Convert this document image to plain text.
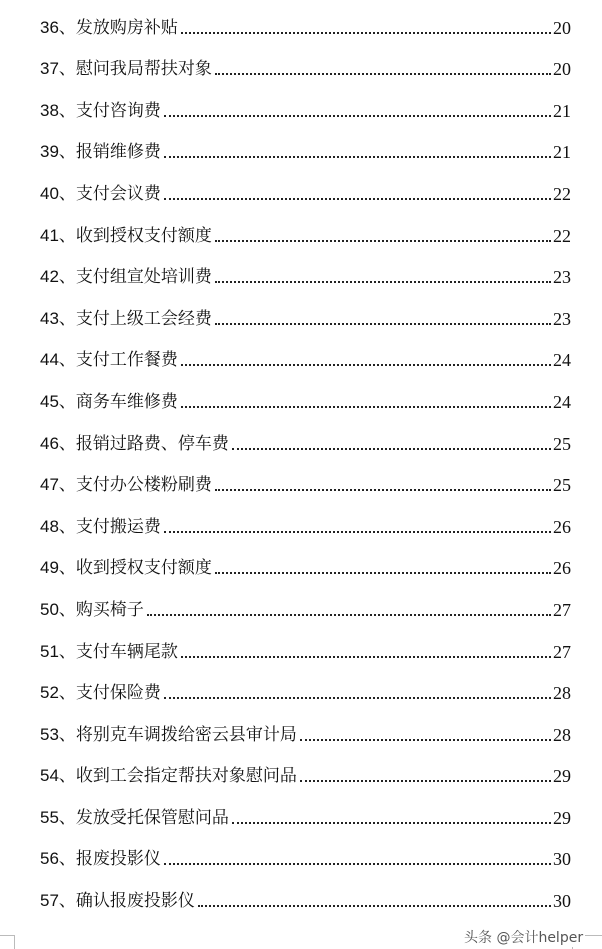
36、发放购房补贴	20
37、慰问我局帮扶对象	20
38、支付咨询费	21
39、报销维修费	21
40、支付会议费	22
41、收到授权支付额度	22
42、支付组宣处培训费	23
43、支付上级工会经费	23
44、支付工作餐费	24
45、商务车维修费	24
46、报销过路费、停车费	25
47、支付办公楼粉刷费	25
48、支付搬运费	26
49、收到授权支付额度	26
50、购买椅子	27
51、支付车辆尾款	27
52、支付保险费	28
53、将别克车调拨给密云县审计局	28
54、收到工会指定帮扶对象慰问品	29
55、发放受托保管慰问品	29
56、报废投影仪	30
57、确认报废投影仪	30
头条 @会计helper
